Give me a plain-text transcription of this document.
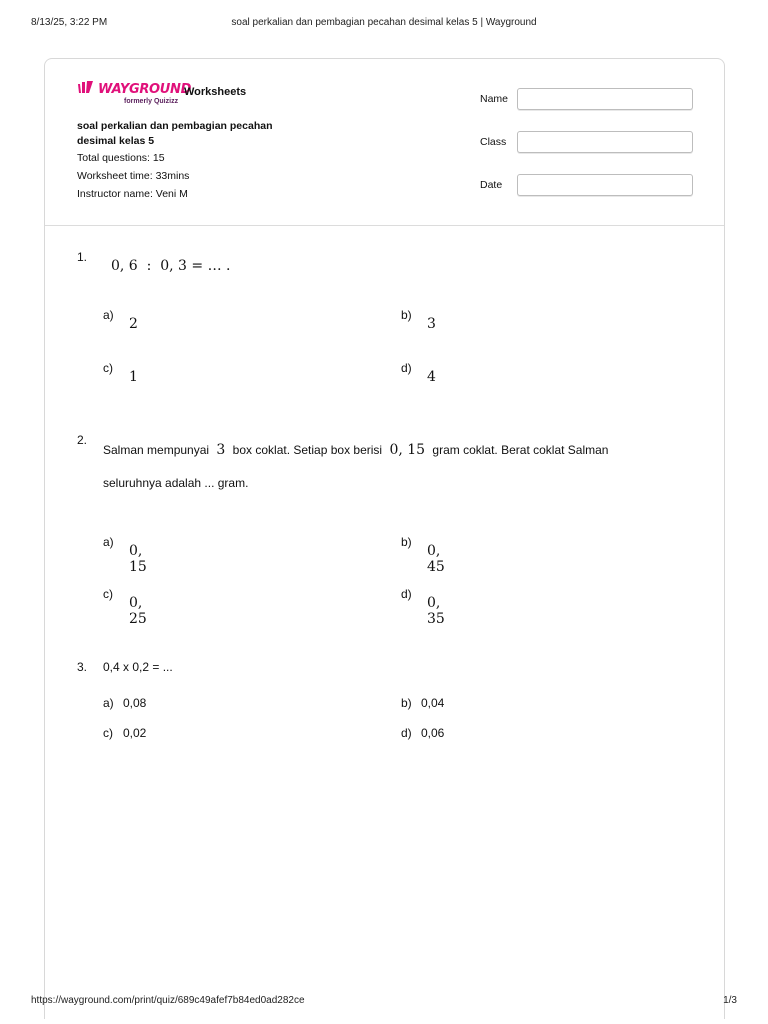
8/13/25, 3:22 PM	soal perkalian dan pembagian pecahan desimal kelas 5 | Wayground
WAYGROUND
formerly Quizizz
Worksheets
soal perkalian dan pembagian pecahan desimal kelas 5
Total questions: 15
Worksheet time: 33mins
Instructor name: Veni M
Name
Class
Date
1.
0, 6  :  0, 3 = … .
a)
2
b)
3
c)
1
d)
4
2.
Salman mempunyai 3 box coklat. Setiap box berisi 0, 15 gram coklat. Berat coklat Salman
seluruhnya adalah ... gram.
a)
0, 15
b)
0, 45
c)
0, 25
d)
0, 35
3. 0,4 x 0,2 = ...
a) 0,08	b) 0,04
c) 0,02	d) 0,06
https://wayground.com/print/quiz/689c49afef7b84ed0ad282ce	1/3
